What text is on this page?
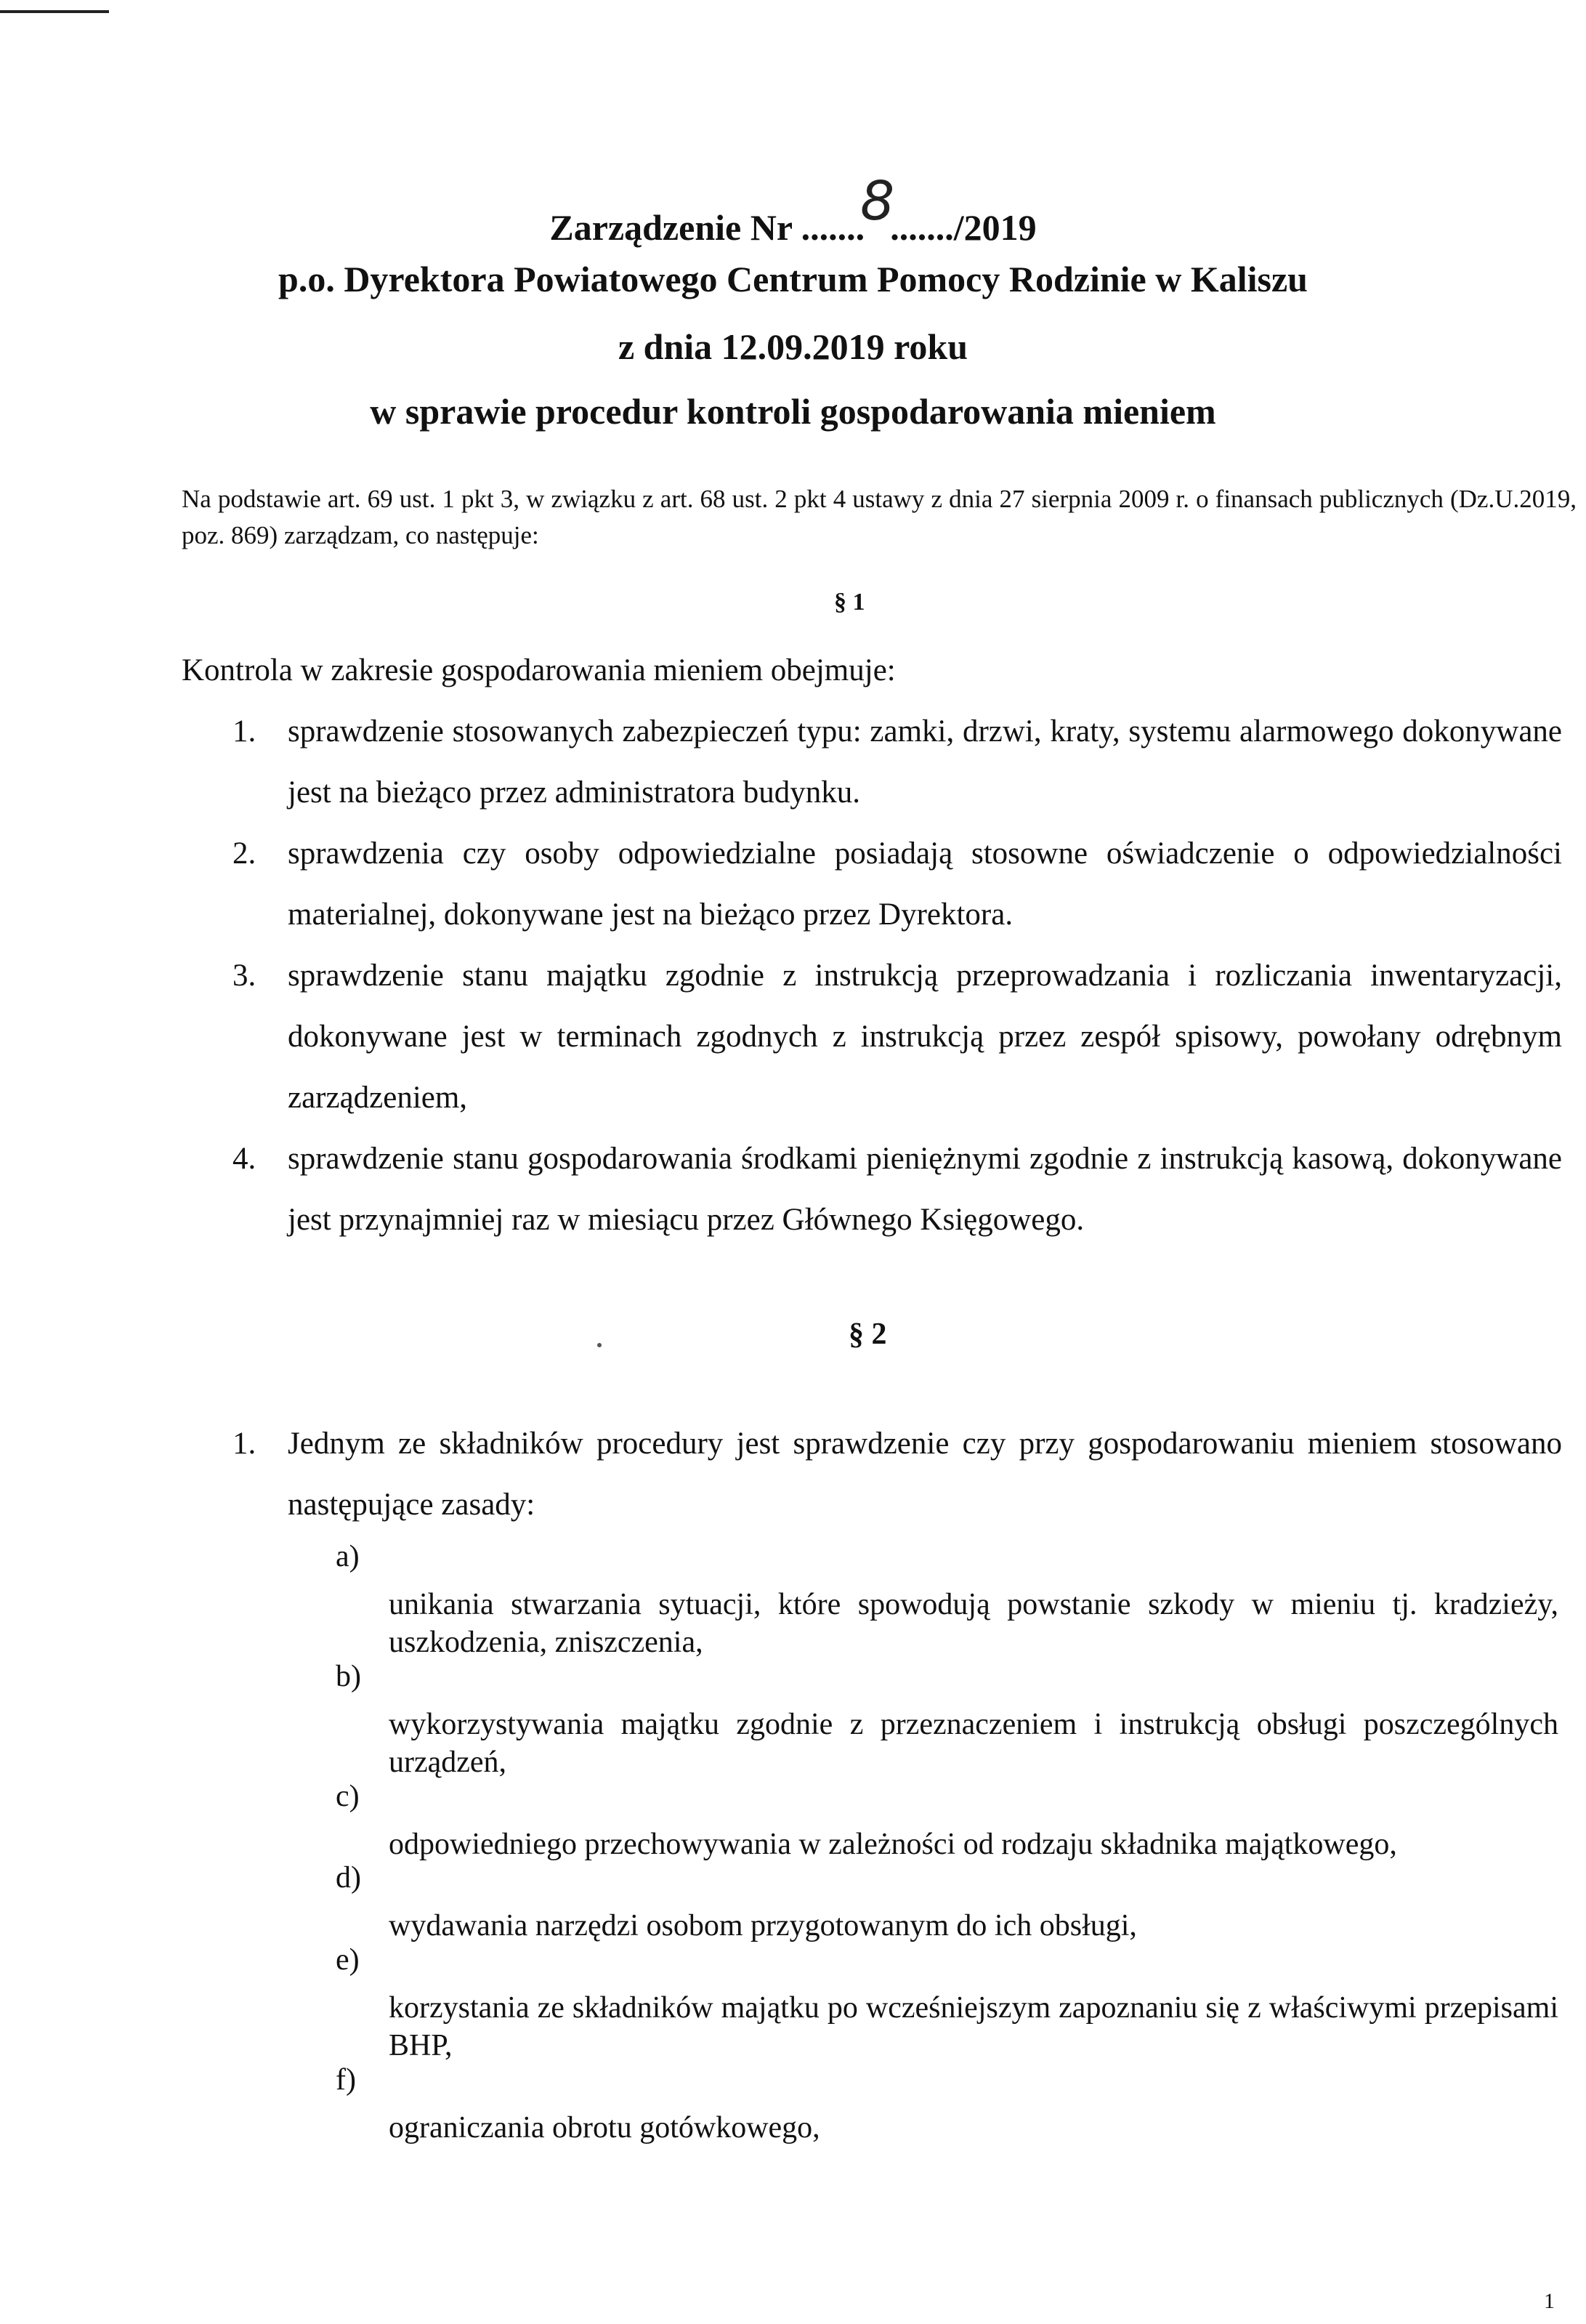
Zarządzenie Nr .......8......./2019
p.o. Dyrektora Powiatowego Centrum Pomocy Rodzinie w Kaliszu
z dnia 12.09.2019 roku
w sprawie procedur kontroli gospodarowania mieniem
Na podstawie art. 69 ust. 1 pkt 3, w związku z art. 68 ust. 2 pkt 4 ustawy z dnia 27 sierpnia 2009 r. o finansach publicznych (Dz.U.2019, poz. 869) zarządzam, co następuje:
§ 1
Kontrola w zakresie gospodarowania mieniem obejmuje:
1.	sprawdzenie stosowanych zabezpieczeń typu: zamki, drzwi, kraty, systemu alarmowego dokonywane jest na bieżąco przez administratora budynku.
2.	sprawdzenia czy osoby odpowiedzialne posiadają stosowne oświadczenie o odpowiedzialności materialnej, dokonywane jest na bieżąco przez Dyrektora.
3.	sprawdzenie stanu majątku zgodnie z instrukcją przeprowadzania i rozliczania inwentaryzacji, dokonywane jest w terminach zgodnych z instrukcją przez zespół spisowy, powołany odrębnym zarządzeniem,
4.	sprawdzenie stanu gospodarowania środkami pieniężnymi zgodnie z instrukcją kasową, dokonywane jest przynajmniej raz w miesiącu przez Głównego Księgowego.
§ 2
1.	Jednym ze składników procedury jest sprawdzenie czy przy gospodarowaniu mieniem stosowano następujące zasady:
a)
unikania stwarzania sytuacji, które spowodują powstanie szkody w mieniu tj. kradzieży, uszkodzenia, zniszczenia,
b)
wykorzystywania majątku zgodnie z przeznaczeniem i instrukcją obsługi poszczególnych urządzeń,
c)
odpowiedniego przechowywania w zależności od rodzaju składnika majątkowego,
d)
wydawania narzędzi osobom przygotowanym do ich obsługi,
e)
korzystania ze składników majątku po wcześniejszym zapoznaniu się z właściwymi przepisami BHP,
f)
ograniczania obrotu gotówkowego,
1
